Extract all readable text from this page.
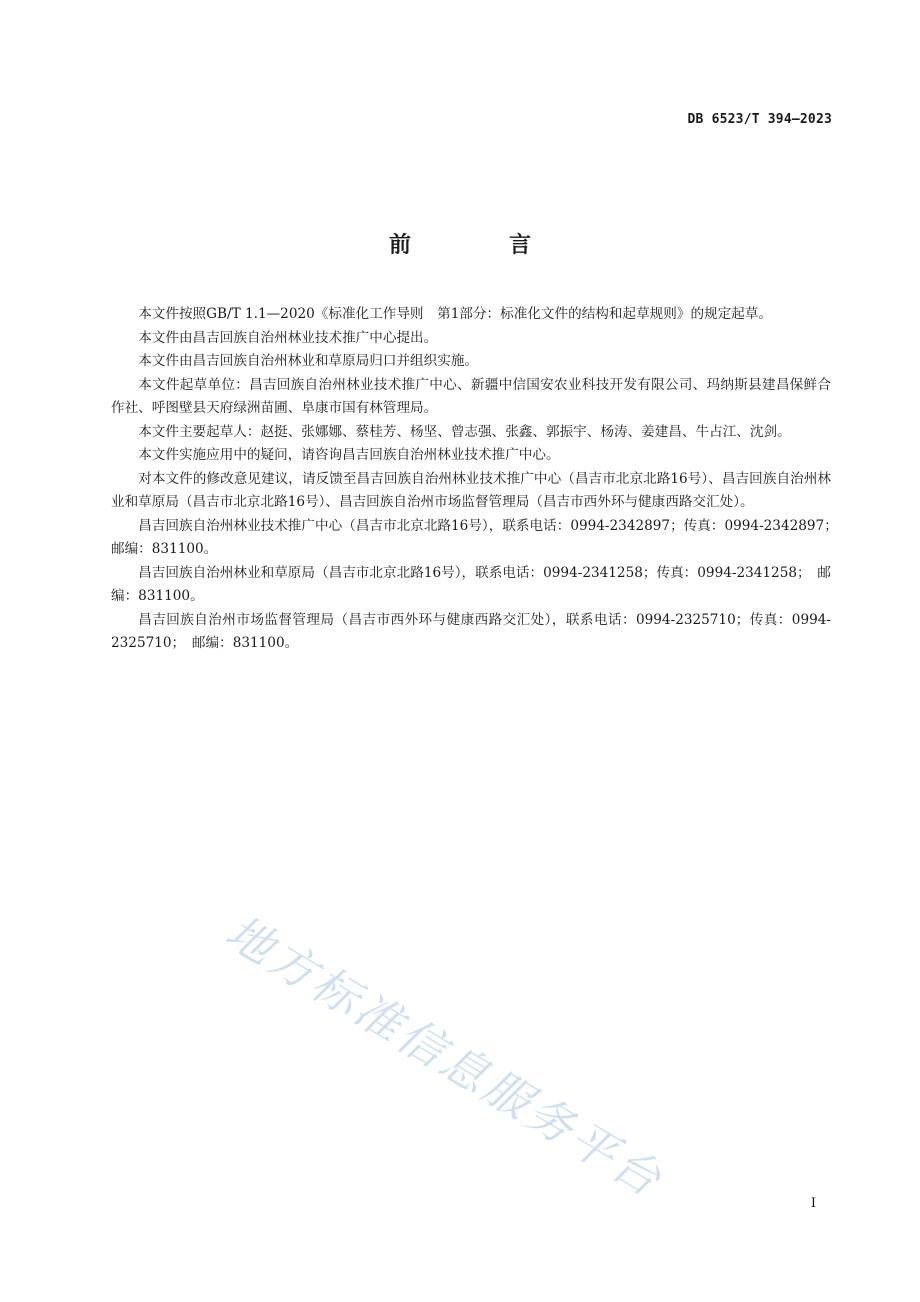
DB 6523/T 394—2023
前　言

本文件按照GB/T 1.1—2020《标准化工作导则　第1部分：标准化文件的结构和起草规则》的规定起草。

本文件由昌吉回族自治州林业技术推广中心提出。

本文件由昌吉回族自治州林业和草原局归口并组织实施。

本文件起草单位：昌吉回族自治州林业技术推广中心、新疆中信国安农业科技开发有限公司、玛纳斯县建昌保鲜合作社、呼图壁县天府绿洲苗圃、阜康市国有林管理局。

本文件主要起草人：赵挺、张娜娜、蔡桂芳、杨坚、曾志强、张鑫、郭振宇、杨涛、姜建昌、牛占江、沈剑。

本文件实施应用中的疑问，请咨询昌吉回族自治州林业技术推广中心。

对本文件的修改意见建议，请反馈至昌吉回族自治州林业技术推广中心（昌吉市北京北路16号）、昌吉回族自治州林业和草原局（昌吉市北京北路16号）、昌吉回族自治州市场监督管理局（昌吉市西外环与健康西路交汇处）。

昌吉回族自治州林业技术推广中心（昌吉市北京北路16号），联系电话：0994-2342897；传真：0994-2342897；　邮编：831100。

昌吉回族自治州林业和草原局（昌吉市北京北路16号），联系电话：0994-2341258；传真：0994-2341258；　邮编：831100。

昌吉回族自治州市场监督管理局（昌吉市西外环与健康西路交汇处），联系电话：0994-2325710；传真：0994-2325710；　邮编：831100。

地方标准信息服务平台	I
